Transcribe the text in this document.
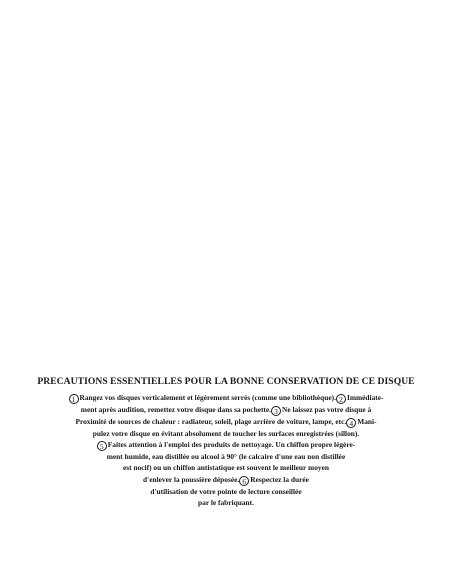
PRECAUTIONS ESSENTIELLES POUR LA BONNE CONSERVATION DE CE DISQUE
1 Rangez vos disques verticalement et légèrement serrés (comme une bibliothèque). 2 Immédiate-
ment après audition, remettez votre disque dans sa pochette. 3 Ne laissez pas votre disque à
Proximité de sources de chaleur : radiateur, soleil, plage arrière de voiture, lampe, etc. 4 Mani-
pulez votre disque en évitant absolument de toucher les surfaces enregistrées (sillon).
5 Faites attention à l'emploi des produits de nettoyage. Un chiffon propre légère-
ment humide, eau distillée ou alcool à 90° (le calcaire d'une eau non distillée
est nocif) ou un chiffon antistatique est souvent le meilleur moyen
d'enlever la poussière déposée. 6 Respectez la durée
d'utilisation de votre pointe de lecture conseillée
par le fabriquant.
